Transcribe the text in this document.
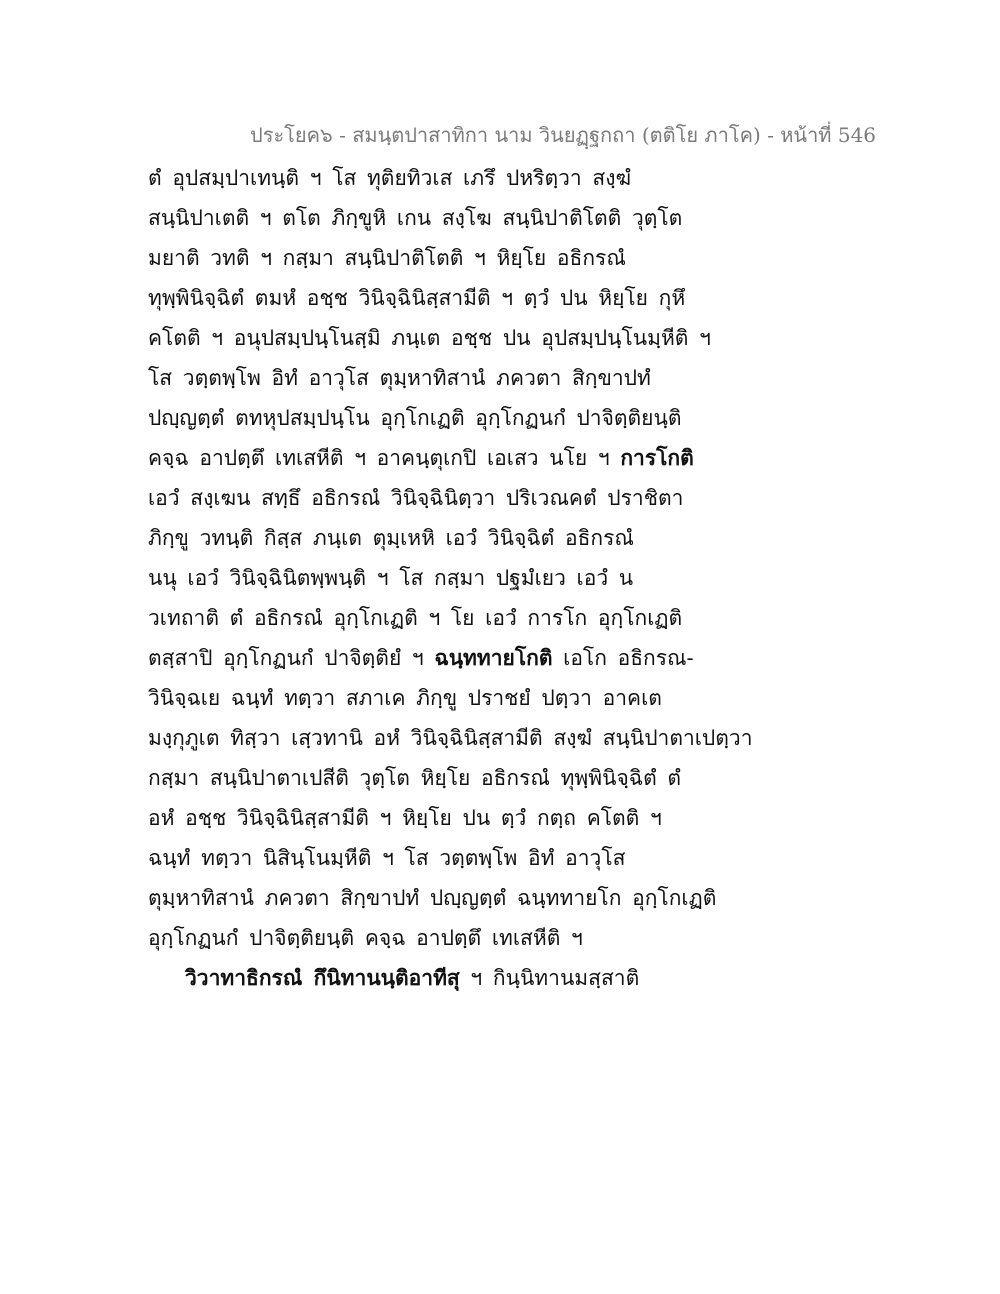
ประโยค๖ - สมนฺตปาสาทิกา นาม วินยฏฺฐกถา (ตติโย ภาโค) - หน้าที่ 546
ตํ อุปสมฺปาเทนฺติ ฯ โส ทุติยทิวเส เภรึ ปหริตฺวา สงฺฆํ
สนฺนิปาเตติ ฯ ตโต ภิกฺขูหิ เกน สงฺโฆ สนฺนิปาติโตติ วุตฺโต
มยาติ วทติ ฯ กสฺมา สนฺนิปาติโตติ ฯ หิยฺโย อธิกรณํ
ทุพฺพินิจฺฉิตํ ตมหํ อชฺช วินิจฺฉินิสฺสามีติ ฯ ตฺวํ ปน หิยฺโย กุหึ
คโตติ ฯ อนุปสมฺปนฺโนสฺมิ ภนฺเต อชฺช ปน อุปสมฺปนฺโนมฺหีติ ฯ
โส วตฺตพฺโพ อิทํ อาวุโส ตุมฺหาทิสานํ ภควตา สิกฺขาปทํ
ปญฺญตฺตํ ตทหุปสมฺปนฺโน อุกฺโกเฏติ อุกฺโกฏนกํ ปาจิตฺติยนฺติ
คจฺฉ อาปตฺตึ เทเสหีติ ฯ อาคนฺตุเกปิ เอเสว นโย ฯ การโกติ
เอวํ สงฺเฆน สทฺธึ อธิกรณํ วินิจฺฉินิตฺวา ปริเวณคตํ ปราชิตา
ภิกฺขู วทนฺติ กิสฺส ภนฺเต ตุมฺเหหิ เอวํ วินิจฺฉิตํ อธิกรณํ
นนุ เอวํ วินิจฺฉินิตพฺพนฺติ ฯ โส กสฺมา ปฐมํเยว เอวํ น
วเทถาติ ตํ อธิกรณํ อุกฺโกเฏติ ฯ โย เอวํ การโก อุกฺโกเฏติ
ตสฺสาปิ อุกฺโกฏนกํ ปาจิตฺติยํ ฯ ฉนฺททายโกติ เอโก อธิกรณ-
วินิจฺฉเย ฉนฺทํ ทตฺวา สภาเค ภิกฺขู ปราชยํ ปตฺวา อาคเต
มงฺกุภูเต ทิสฺวา เสฺวทานิ อหํ วินิจฺฉินิสฺสามีติ สงฺฆํ สนฺนิปาตาเปตฺวา
กสฺมา สนฺนิปาตาเปสีติ วุตฺโต หิยฺโย อธิกรณํ ทุพฺพินิจฺฉิตํ ตํ
อหํ อชฺช วินิจฺฉินิสฺสามีติ ฯ หิยฺโย ปน ตฺวํ กตฺถ คโตติ ฯ
ฉนฺทํ ทตฺวา นิสินฺโนมฺหีติ ฯ โส วตฺตพฺโพ อิทํ อาวุโส
ตุมฺหาทิสานํ ภควตา สิกฺขาปทํ ปญฺญตฺตํ ฉนฺททายโก อุกฺโกเฏติ
อุกฺโกฏนกํ ปาจิตฺติยนฺติ คจฺฉ อาปตฺตึ เทเสหีติ ฯ
วิวาทาธิกรณํ กึนิทานนฺติอาทีสุ ฯ กินฺนิทานมสฺสาติ
